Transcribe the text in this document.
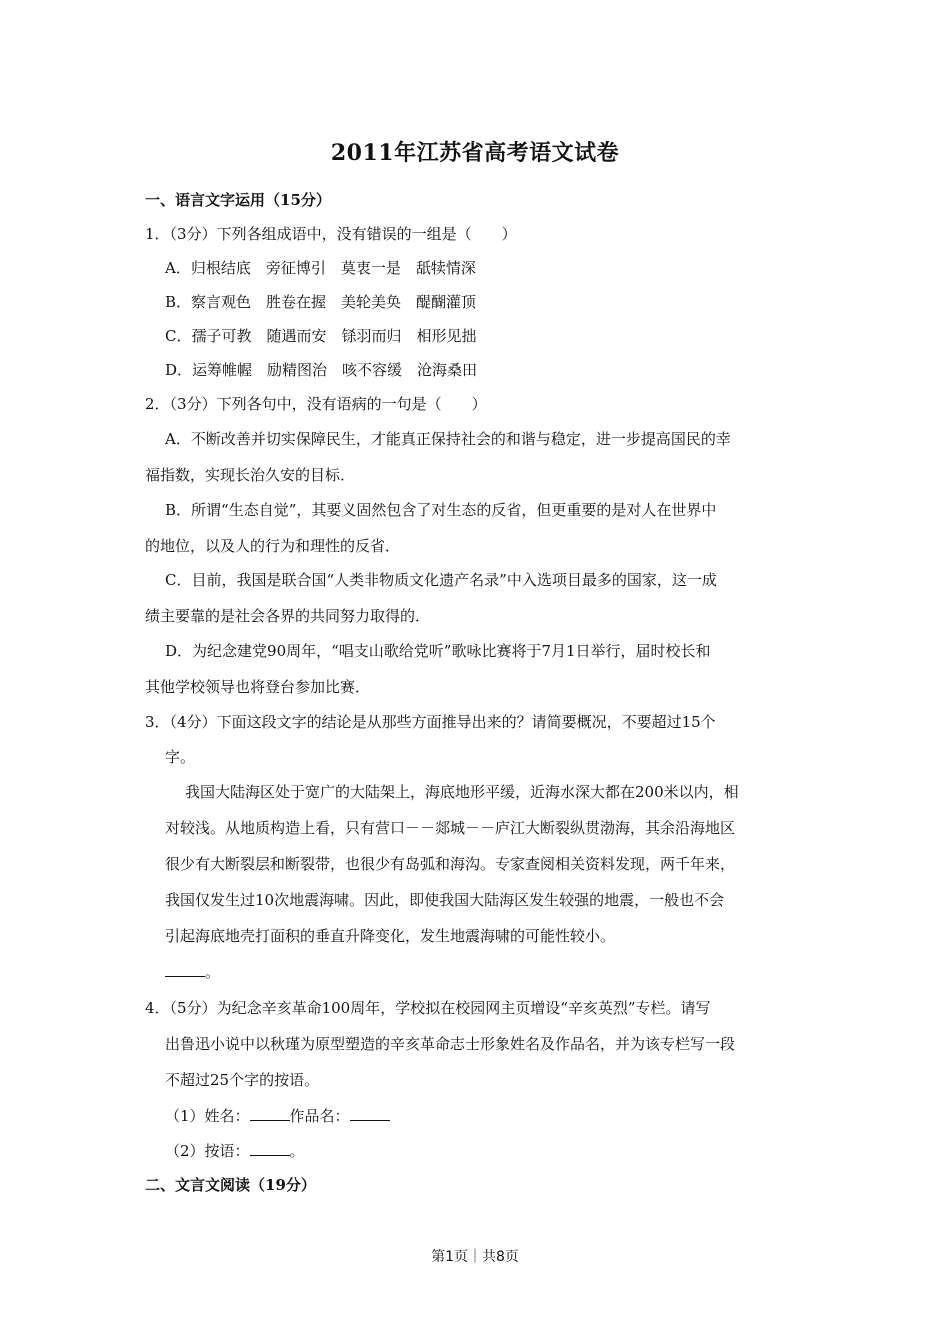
2011年江苏省高考语文试卷
一、语言文字运用（15分）
1．（3分）下列各组成语中，没有错误的一组是（　　）
A．归根结底　旁征博引　莫衷一是　舐犊情深
B．察言观色　胜卷在握　美轮美奂　醍醐灌顶
C．孺子可教　随遇而安　铩羽而归　相形见拙
D．运筹帷幄　励精图治　咳不容缓　沧海桑田
2．（3分）下列各句中，没有语病的一句是（　　）
A．不断改善并切实保障民生，才能真正保持社会的和谐与稳定，进一步提高国民的幸
福指数，实现长治久安的目标．
B．所谓“生态自觉”，其要义固然包含了对生态的反省，但更重要的是对人在世界中
的地位，以及人的行为和理性的反省．
C．目前，我国是联合国“人类非物质文化遗产名录”中入选项目最多的国家，这一成
绩主要靠的是社会各界的共同努力取得的．
D．为纪念建党90周年，“唱支山歌给党听”歌咏比赛将于7月1日举行，届时校长和
其他学校领导也将登台参加比赛．
3．（4分）下面这段文字的结论是从那些方面推导出来的？请简要概况，不要超过15个
字。
我国大陆海区处于宽广的大陆架上，海底地形平缓，近海水深大都在200米以内，相
对较浅。从地质构造上看，只有营口－－郯城－－庐江大断裂纵贯渤海，其余沿海地区
很少有大断裂层和断裂带，也很少有岛弧和海沟。专家查阅相关资料发现，两千年来，
我国仅发生过10次地震海啸。因此，即使我国大陆海区发生较强的地震，一般也不会
引起海底地壳打面积的垂直升降变化，发生地震海啸的可能性较小。
。
4．（5分）为纪念辛亥革命100周年，学校拟在校园网主页增设“辛亥英烈”专栏。请写
出鲁迅小说中以秋瑾为原型塑造的辛亥革命志士形象姓名及作品名，并为该专栏写一段
不超过25个字的按语。
（1）姓名：	作品名：
（2）按语：	。
二、文言文阅读（19分）
第1页｜共8页
